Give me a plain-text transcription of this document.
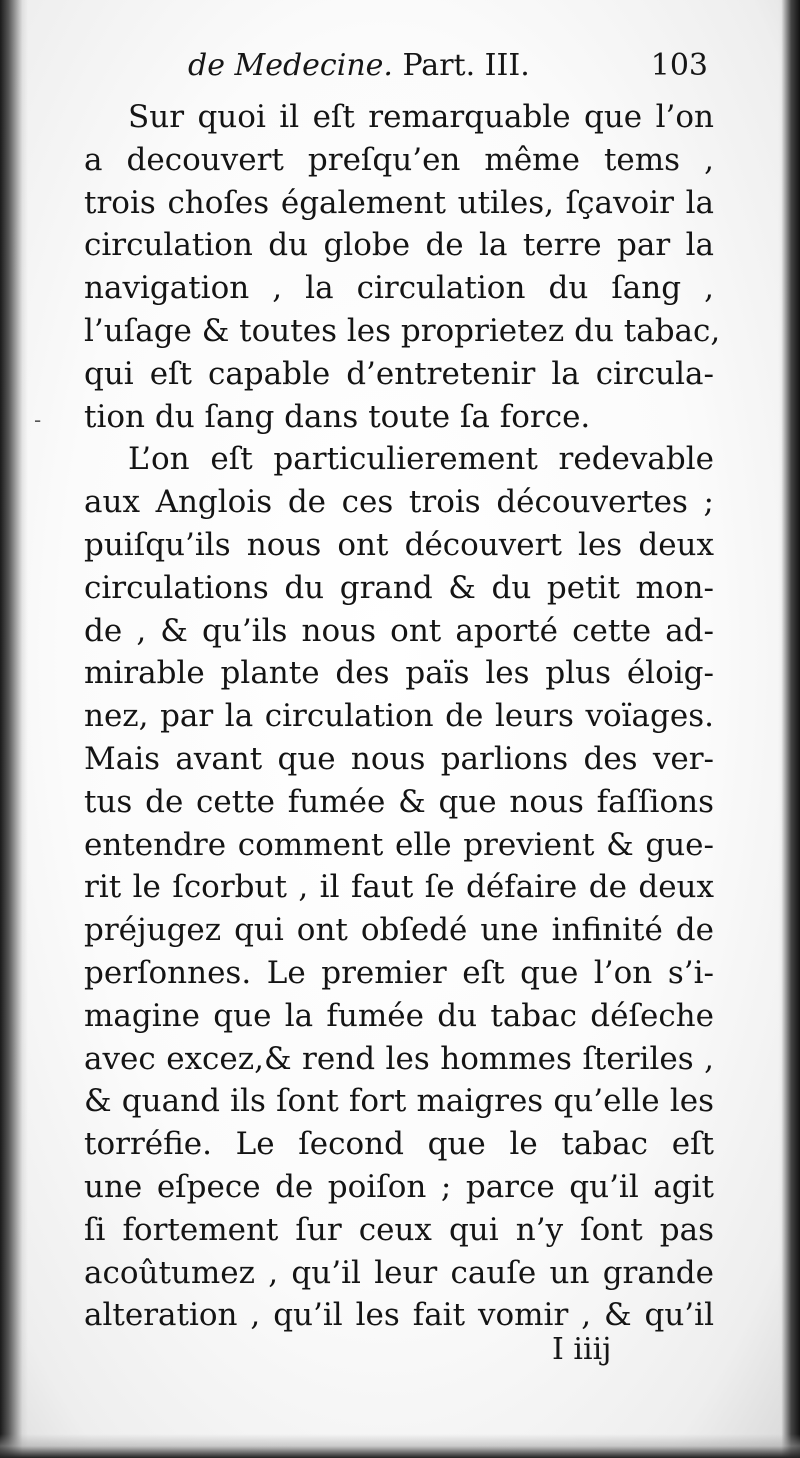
de Medecine. Part. III.	103
-
Sur quoi il eſt remarquable que l’on
a decouvert preſqu’en même tems ,
trois choſes également utiles, ſçavoir la
circulation du globe de la terre par la
navigation , la circulation du ſang ,
l’uſage & toutes les proprietez du tabac,
qui eſt capable d’entretenir la circula-
tion du ſang dans toute ſa force.
L’on eſt particulierement redevable
aux Anglois de ces trois découvertes ;
puiſqu’ils nous ont découvert les deux
circulations du grand & du petit mon-
de , & qu’ils nous ont aporté cette ad-
mirable plante des païs les plus éloig-
nez, par la circulation de leurs voïages.
Mais avant que nous parlions des ver-
tus de cette fumée & que nous faſſions
entendre comment elle previent & gue-
rit le ſcorbut , il faut ſe défaire de deux
préjugez qui ont obſedé une infinité de
perſonnes. Le premier eſt que l’on s’i-
magine que la fumée du tabac déſeche
avec excez,& rend les hommes ſteriles ,
& quand ils ſont fort maigres qu’elle les
torréfie. Le ſecond que le tabac eſt
une eſpece de poiſon ; parce qu’il agit
ſi fortement ſur ceux qui n’y ſont pas
acoûtumez , qu’il leur cauſe un grande
alteration , qu’il les fait vomir , & qu’il
I iiij
